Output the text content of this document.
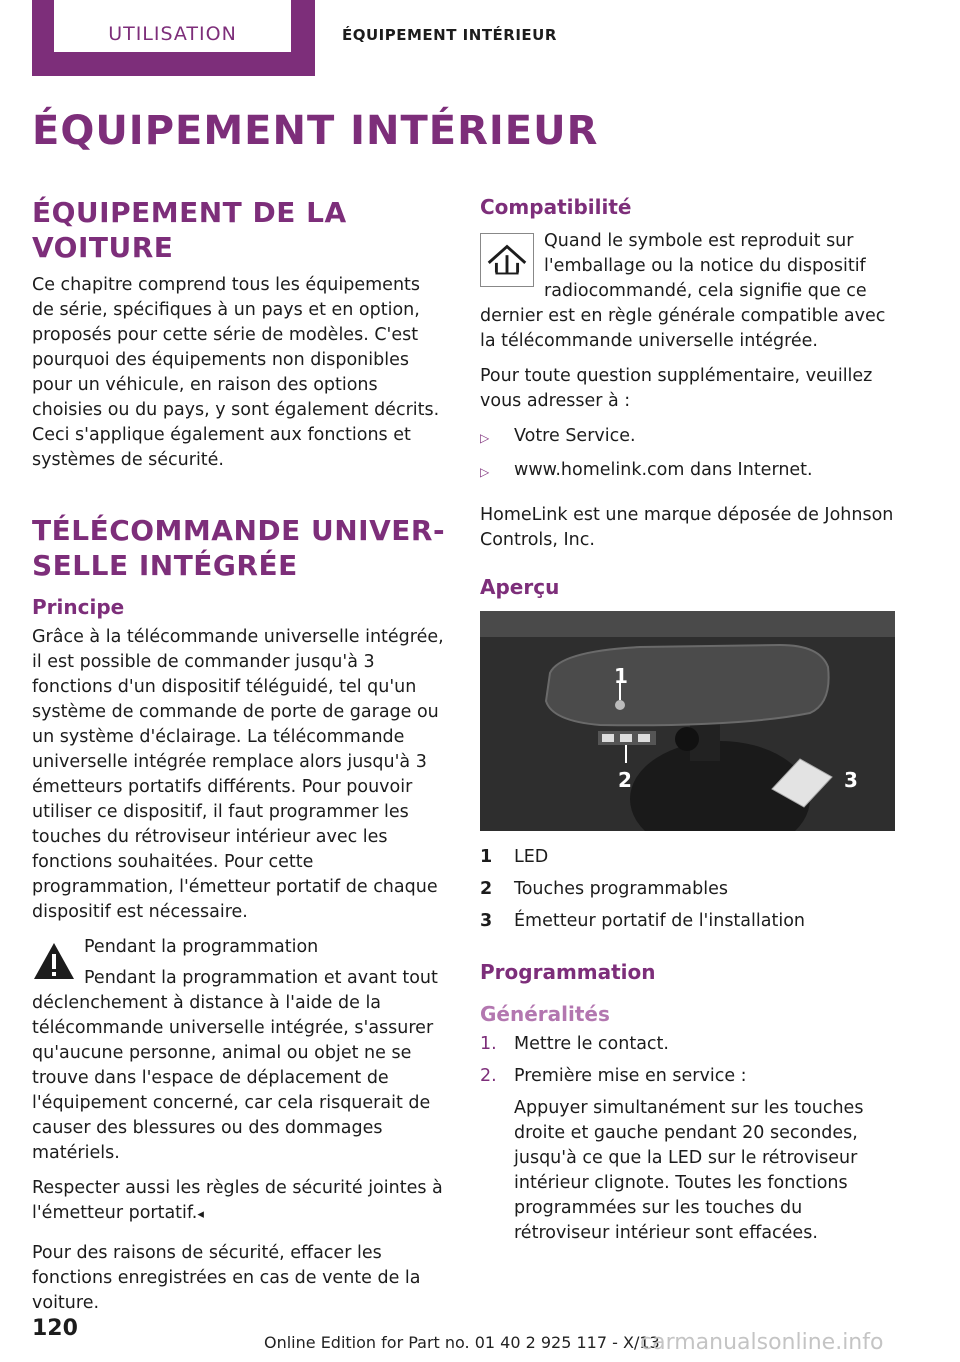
UTILISATION	ÉQUIPEMENT INTÉRIEUR
ÉQUIPEMENT INTÉRIEUR
ÉQUIPEMENT DE LA VOITURE

Ce chapitre comprend tous les équipements de série, spécifiques à un pays et en option, proposés pour cette série de modèles. C'est pourquoi des équipements non disponibles pour un véhicule, en raison des options choisies ou du pays, y sont également décrits. Ceci s'applique également aux fonctions et systèmes de sécurité.

TÉLÉCOMMANDE UNIVER-
SELLE INTÉGRÉE
Principe

Grâce à la télécommande universelle intégrée, il est possible de commander jusqu'à 3 fonctions d'un dispositif téléguidé, tel qu'un système de commande de porte de garage ou un système d'éclairage. La télécommande universelle intégrée remplace alors jusqu'à 3 émetteurs portatifs différents. Pour pouvoir utiliser ce dispositif, il faut programmer les touches du rétroviseur intérieur avec les fonctions souhaitées. Pour cette programmation, l'émetteur portatif de chaque dispositif est nécessaire.

Pendant la programmation

Pendant la programmation et avant tout déclenchement à distance à l'aide de la télécommande universelle intégrée, s'assurer qu'aucune personne, animal ou objet ne se trouve dans l'espace de déplacement de l'équipement concerné, car cela risquerait de causer des blessures ou des dommages matériels.

Respecter aussi les règles de sécurité jointes à l'émetteur portatif.◂

Pour des raisons de sécurité, effacer les fonctions enregistrées en cas de vente de la voiture.

Compatibilité

Quand le symbole est reproduit sur l'emballage ou la notice du dispositif radiocommandé, cela signifie que ce dernier est en règle générale compatible avec la télécommande universelle intégrée.

Pour toute question supplémentaire, veuillez vous adresser à :

▷	Votre Service.
▷	www.homelink.com dans Internet.

HomeLink est une marque déposée de Johnson Controls, Inc.

Aperçu
1
2	3
1	LED
2	Touches programmables
3	Émetteur portatif de l'installation
Programmation
Généralités
1. Mettre le contact.
2. Première mise en service :
Appuyer simultanément sur les touches droite et gauche pendant 20 secondes, jusqu'à ce que la LED sur le rétroviseur intérieur clignote. Toutes les fonctions programmées sur les touches du rétroviseur intérieur sont effacées.
120
Online Edition for Part no. 01 40 2 925 117 - X/13
carmanualsonline.info
